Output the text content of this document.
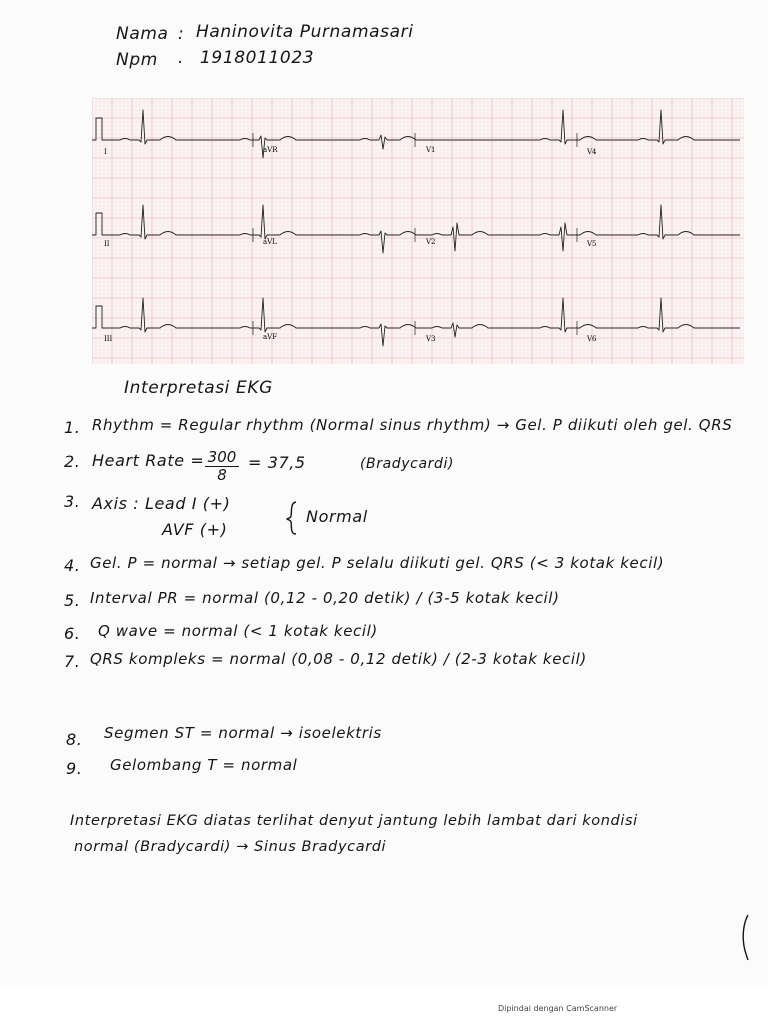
Nama : Haninovita Purnamasari
Npm . 1918011023
I	aVR	V1	V4
II	aVL	V2	V5
III	aVF	V3	V6
Interpretasi EKG
1. Rhythm = Regular rhythm (Normal sinus rhythm) → Gel. P diikuti oleh gel. QRS
2. Heart Rate = $\frac{300}{8} = 37,5$	(Bradycardi)
3. Axis : Lead I (+)
AVF (+)
Normal
4. Gel. P = normal → setiap gel. P selalu diikuti gel. QRS (< 3 kotak kecil)
5. Interval PR = normal (0,12 - 0,20 detik) / (3-5 kotak kecil)
6. Q wave = normal (< 1 kotak kecil)
7. QRS kompleks = normal (0,08 - 0,12 detik) / (2-3 kotak kecil)
8. Segmen ST = normal → isoelektris
9. Gelombang T = normal
Interpretasi EKG diatas terlihat denyut jantung lebih lambat dari kondisi
normal (Bradycardi) → Sinus Bradycardi
Dipindai dengan CamScanner
